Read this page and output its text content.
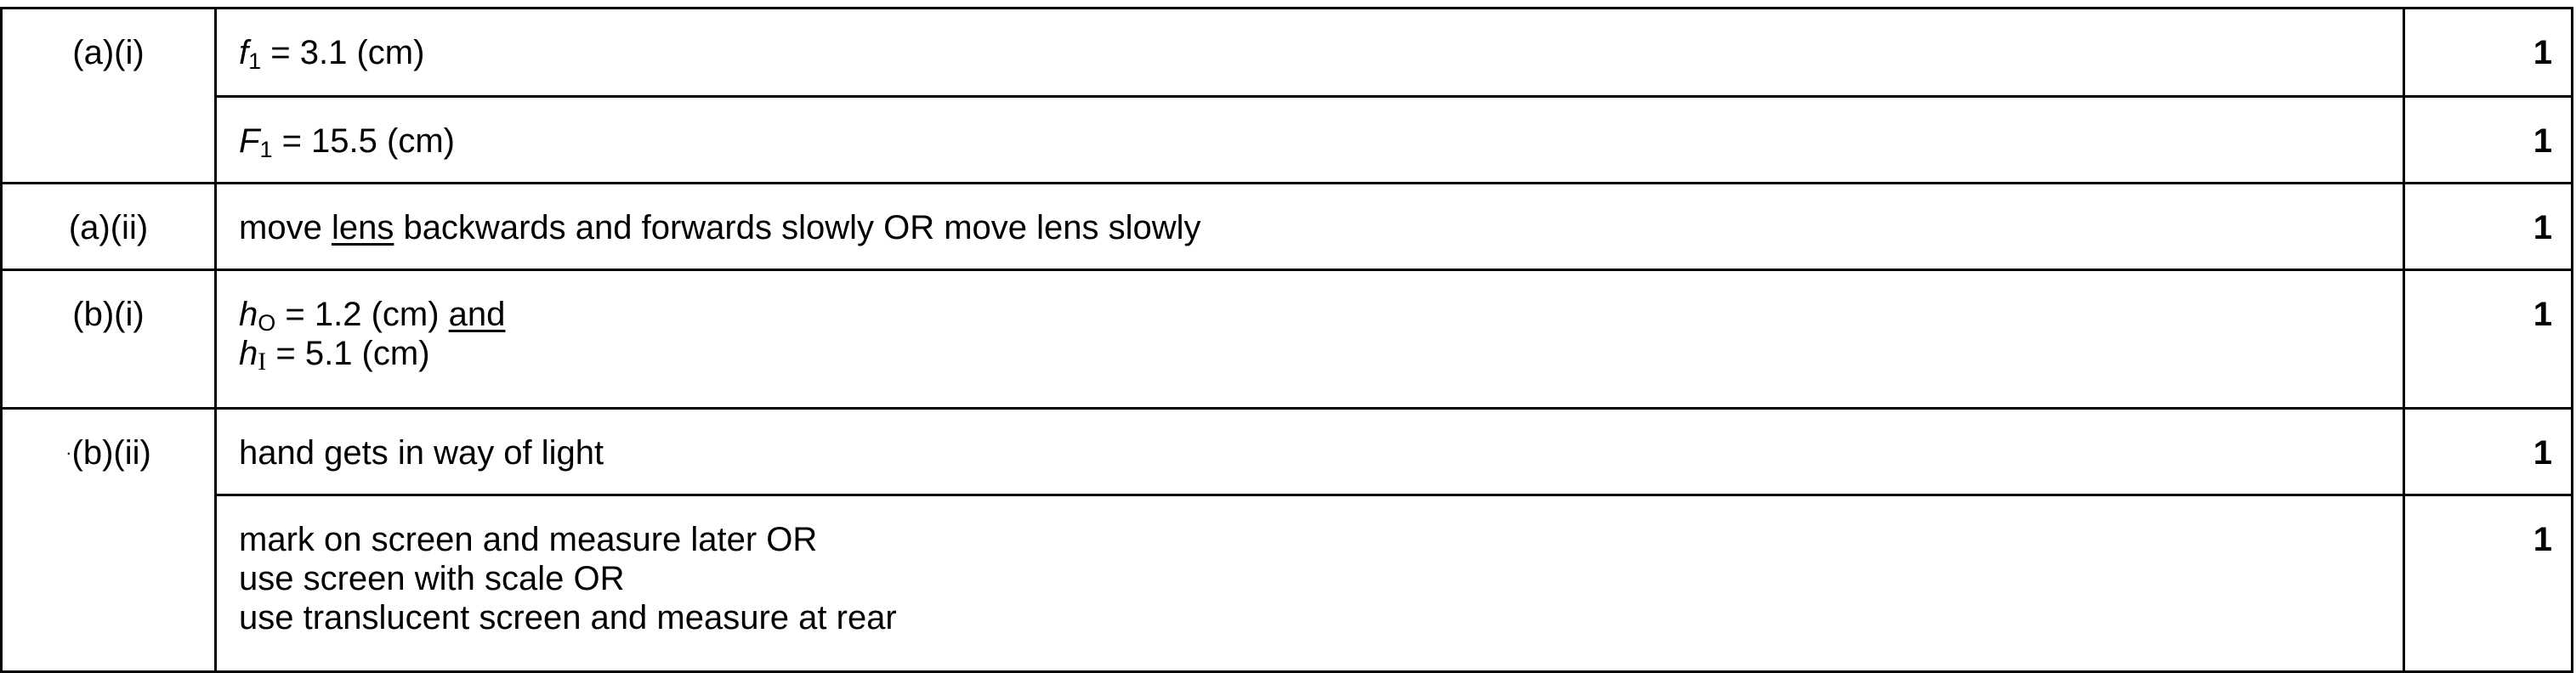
(a)(i)	$f_1 = 3.1$ (cm)	1

	$F_1 = 15.5$ (cm)	1
(a)(ii)	move lens backwards and forwards slowly OR move lens slowly	1
(b)(i)	$h_O = 1.2$ (cm) and
hI = 5.1 (cm)	1
·(b)(ii)	hand gets in way of light	1

	mark on screen and measure later OR
use screen with scale OR
use translucent screen and measure at rear	1
